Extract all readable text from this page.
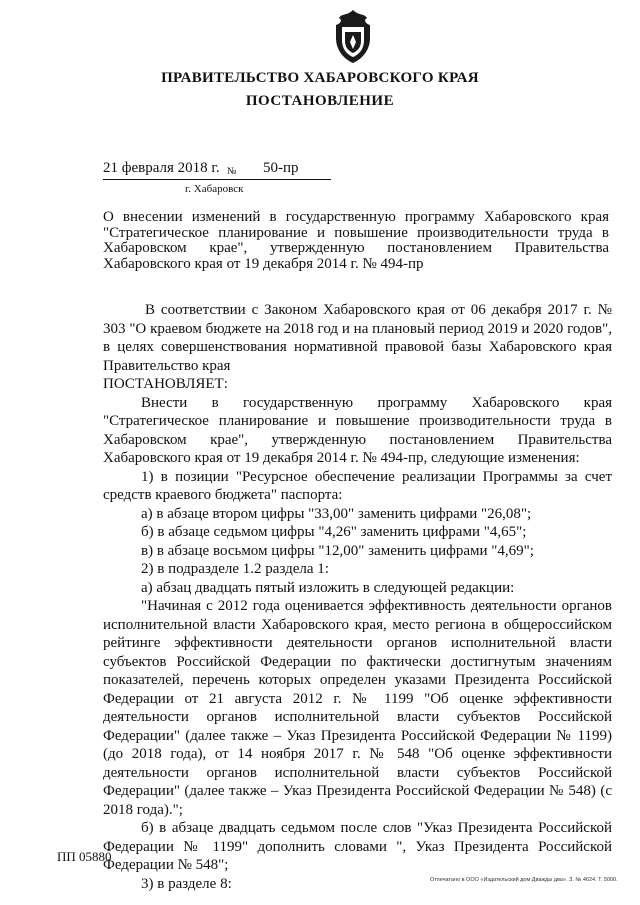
ПРАВИТЕЛЬСТВО ХАБАРОВСКОГО КРАЯ
ПОСТАНОВЛЕНИЕ
21 февраля 2018 г. № 50-пр
г. Хабаровск
О внесении изменений в государственную программу Хабаровского края "Стратегическое планирование и повышение производительности труда в Хабаровском крае", утвержденную постановлением Правительства Хабаровского края от 19 декабря 2014 г. № 494-пр

В соответствии с Законом Хабаровского края от 06 декабря 2017 г. № 303 "О краевом бюджете на 2018 год и на плановый период 2019 и 2020 годов", в целях совершенствования нормативной правовой базы Хабаровского края Правительство края

ПОСТАНОВЛЯЕТ:

Внести в государственную программу Хабаровского края "Стратегическое планирование и повышение производительности труда в Хабаровском крае", утвержденную постановлением Правительства Хабаровского края от 19 декабря 2014 г. № 494-пр, следующие изменения:

1) в позиции "Ресурсное обеспечение реализации Программы за счет средств краевого бюджета" паспорта:

а) в абзаце втором цифры "33,00" заменить цифрами "26,08";

б) в абзаце седьмом цифры "4,26" заменить цифрами "4,65";

в) в абзаце восьмом цифры "12,00" заменить цифрами "4,69";

2) в подразделе 1.2 раздела 1:

а) абзац двадцать пятый изложить в следующей редакции:

"Начиная с 2012 года оценивается эффективность деятельности органов исполнительной власти Хабаровского края, место региона в общероссийском рейтинге эффективности деятельности органов исполнительной власти субъектов Российской Федерации по фактически достигнутым значениям показателей, перечень которых определен указами Президента Российской Федерации от 21 августа 2012 г. № 1199 "Об оценке эффективности деятельности органов исполнительной власти субъектов Российской Федерации" (далее также – Указ Президента Российской Федерации № 1199) (до 2018 года), от 14 ноября 2017 г. № 548 "Об оценке эффективности деятельности органов исполнительной власти субъектов Российской Федерации" (далее также – Указ Президента Российской Федерации № 548) (с 2018 года).";

б) в абзаце двадцать седьмом после слов "Указ Президента Российской Федерации № 1199" дополнить словами ", Указ Президента Российской Федерации № 548";

3) в разделе 8:

ПП 05880
Отпечатано в ООО «Издательский дом Дважды два». З. № 4624. Т. 5000.
